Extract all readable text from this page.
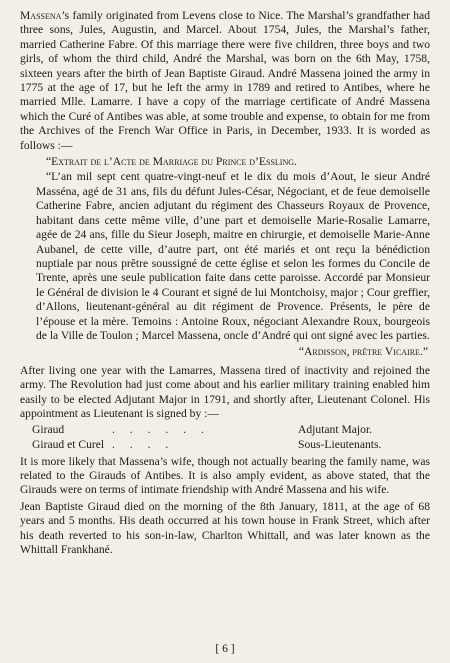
Massena’s family originated from Levens close to Nice. The Marshal’s grandfather had three sons, Jules, Augustin, and Marcel. About 1754, Jules, the Marshal’s father, married Catherine Fabre. Of this marriage there were five children, three boys and two girls, of whom the third child, André the Marshal, was born on the 6th May, 1758, sixteen years after the birth of Jean Baptiste Giraud. André Massena joined the army in 1775 at the age of 17, but he left the army in 1789 and retired to Antibes, where he married Mlle. Lamarre. I have a copy of the marriage certificate of André Massena which the Curé of Antibes was able, at some trouble and expense, to obtain for me from the Archives of the French War Office in Paris, in December, 1933. It is worded as follows :—

“Extrait de l’Acte de Marriage du Prince d’Essling.

“L’an mil sept cent quatre-vingt-neuf et le dix du mois d’Aout, le sieur André Masséna, agé de 31 ans, fils du défunt Jules-César, Négociant, et de feue demoiselle Catherine Fabre, ancien adjutant du régiment des Chasseurs Royaux de Provence, habitant dans cette même ville, d’une part et demoiselle Marie-Rosalie Lamarre, agée de 24 ans, fille du Sieur Joseph, maitre en chirurgie, et demoiselle Marie-Anne Aubanel, de cette ville, d’autre part, ont été mariés et ont reçu la bénédiction nuptiale par nous prêtre soussigné de cette église et selon les formes du Concile de Trente, après une seule publication faite dans cette paroisse. Accordé par Monsieur le Général de division le 4 Courant et signé de lui Montchoisy, major ; Cour greffier, d’Allons, lieutenant-général au dit régiment de Provence. Présents, le père de l’épouse et la mère. Temoins : Antoine Roux, négociant Alexandre Roux, bourgeois de la Ville de Toulon ; Marcel Massena, oncle d’André qui ont signé avec les parties.

“Ardisson, prêtre Vicaire.”

After living one year with the Lamarres, Massena tired of inactivity and rejoined the army. The Revolution had just come about and his earlier military training enabled him easily to be elected Adjutant Major in 1791, and shortly after, Lieutenant Colonel. His appointment as Lieutenant is signed by :—

Giraud	. . . . . .	Adjutant Major.
Giraud et Curel	. . . .	Sous-Lieutenants.

It is more likely that Massena’s wife, though not actually bearing the family name, was related to the Girauds of Antibes. It is also amply evident, as above stated, that the Girauds were on terms of intimate friendship with André Massena and his wife.

Jean Baptiste Giraud died on the morning of the 8th January, 1811, at the age of 68 years and 5 months. His death occurred at his town house in Frank Street, which after his death reverted to his son-in-law, Charlton Whittall, and was later known as the Whittall Frankhané.

[ 6 ]
